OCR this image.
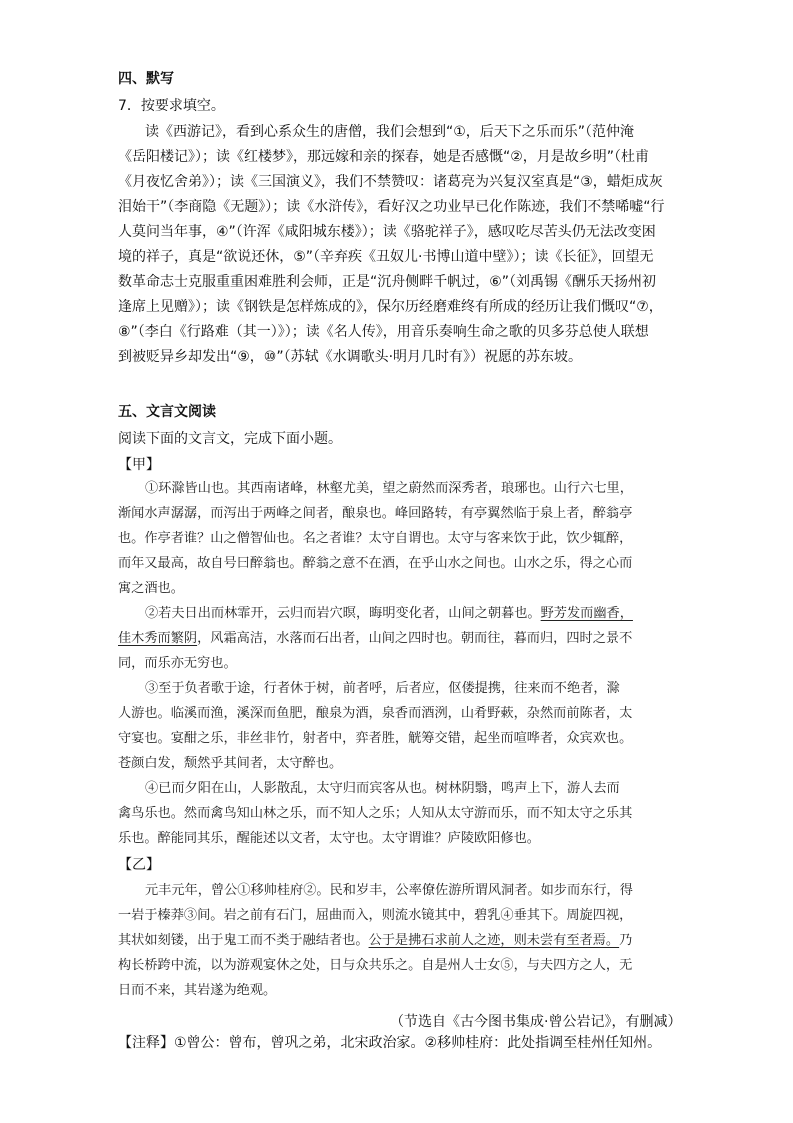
四、默写
7．按要求填空。
读《西游记》，看到心系众生的唐僧，我们会想到“①，后天下之乐而乐”（范仲淹
《岳阳楼记》）；读《红楼梦》，那远嫁和亲的探春，她是否感慨“②，月是故乡明”（杜甫
《月夜忆舍弟》）；读《三国演义》，我们不禁赞叹：诸葛亮为兴复汉室真是“③，蜡炬成灰
泪始干”（李商隐《无题》）；读《水浒传》，看好汉之功业早已化作陈迹，我们不禁唏嘘“行
人莫问当年事，④”（许浑《咸阳城东楼》）；读《骆驼祥子》，感叹吃尽苦头仍无法改变困
境的祥子，真是“欲说还休，⑤”（辛弃疾《丑奴儿·书博山道中壁》）；读《长征》，回望无
数革命志士克服重重困难胜利会师，正是“沉舟侧畔千帆过，⑥”（刘禹锡《酬乐天扬州初
逢席上见赠》）；读《钢铁是怎样炼成的》，保尔历经磨难终有所成的经历让我们慨叹“⑦，
⑧”（李白《行路难（其一）》）；读《名人传》，用音乐奏响生命之歌的贝多芬总使人联想
到被贬异乡却发出“⑨，⑩”（苏轼《水调歌头·明月几时有》）祝愿的苏东坡。
五、文言文阅读
阅读下面的文言文，完成下面小题。
【甲】
①环滁皆山也。其西南诸峰，林壑尤美，望之蔚然而深秀者，琅琊也。山行六七里，
渐闻水声潺潺，而泻出于两峰之间者，酿泉也。峰回路转，有亭翼然临于泉上者，醉翁亭
也。作亭者谁？山之僧智仙也。名之者谁？太守自谓也。太守与客来饮于此，饮少辄醉，
而年又最高，故自号曰醉翁也。醉翁之意不在酒，在乎山水之间也。山水之乐，得之心而
寓之酒也。
②若夫日出而林霏开，云归而岩穴暝，晦明变化者，山间之朝暮也。野芳发而幽香，
佳木秀而繁阴，风霜高洁，水落而石出者，山间之四时也。朝而往，暮而归，四时之景不
同，而乐亦无穷也。
③至于负者歌于途，行者休于树，前者呼，后者应，伛偻提携，往来而不绝者，滁
人游也。临溪而渔，溪深而鱼肥，酿泉为酒，泉香而酒洌，山肴野蔌，杂然而前陈者，太
守宴也。宴酣之乐，非丝非竹，射者中，弈者胜，觥筹交错，起坐而喧哗者，众宾欢也。
苍颜白发，颓然乎其间者，太守醉也。
④已而夕阳在山，人影散乱，太守归而宾客从也。树林阴翳，鸣声上下，游人去而
禽鸟乐也。然而禽鸟知山林之乐，而不知人之乐；人知从太守游而乐，而不知太守之乐其
乐也。醉能同其乐，醒能述以文者，太守也。太守谓谁？庐陵欧阳修也。
【乙】
元丰元年，曾公①移帅桂府②。民和岁丰，公率僚佐游所谓风洞者。如步而东行，得
一岩于榛莽③间。岩之前有石门，屈曲而入，则流水镜其中，碧乳④垂其下。周旋四视，
其状如刻镂，出于鬼工而不类于融结者也。公于是拂石求前人之迹，则未尝有至者焉。乃
构长桥跨中流，以为游观宴休之处，日与众共乐之。自是州人士女⑤，与夫四方之人，无
日而不来，其岩遂为绝观。
（节选自《古今图书集成·曾公岩记》，有删减）
【注释】①曾公：曾布，曾巩之弟，北宋政治家。②移帅桂府：此处指调至桂州任知州。
